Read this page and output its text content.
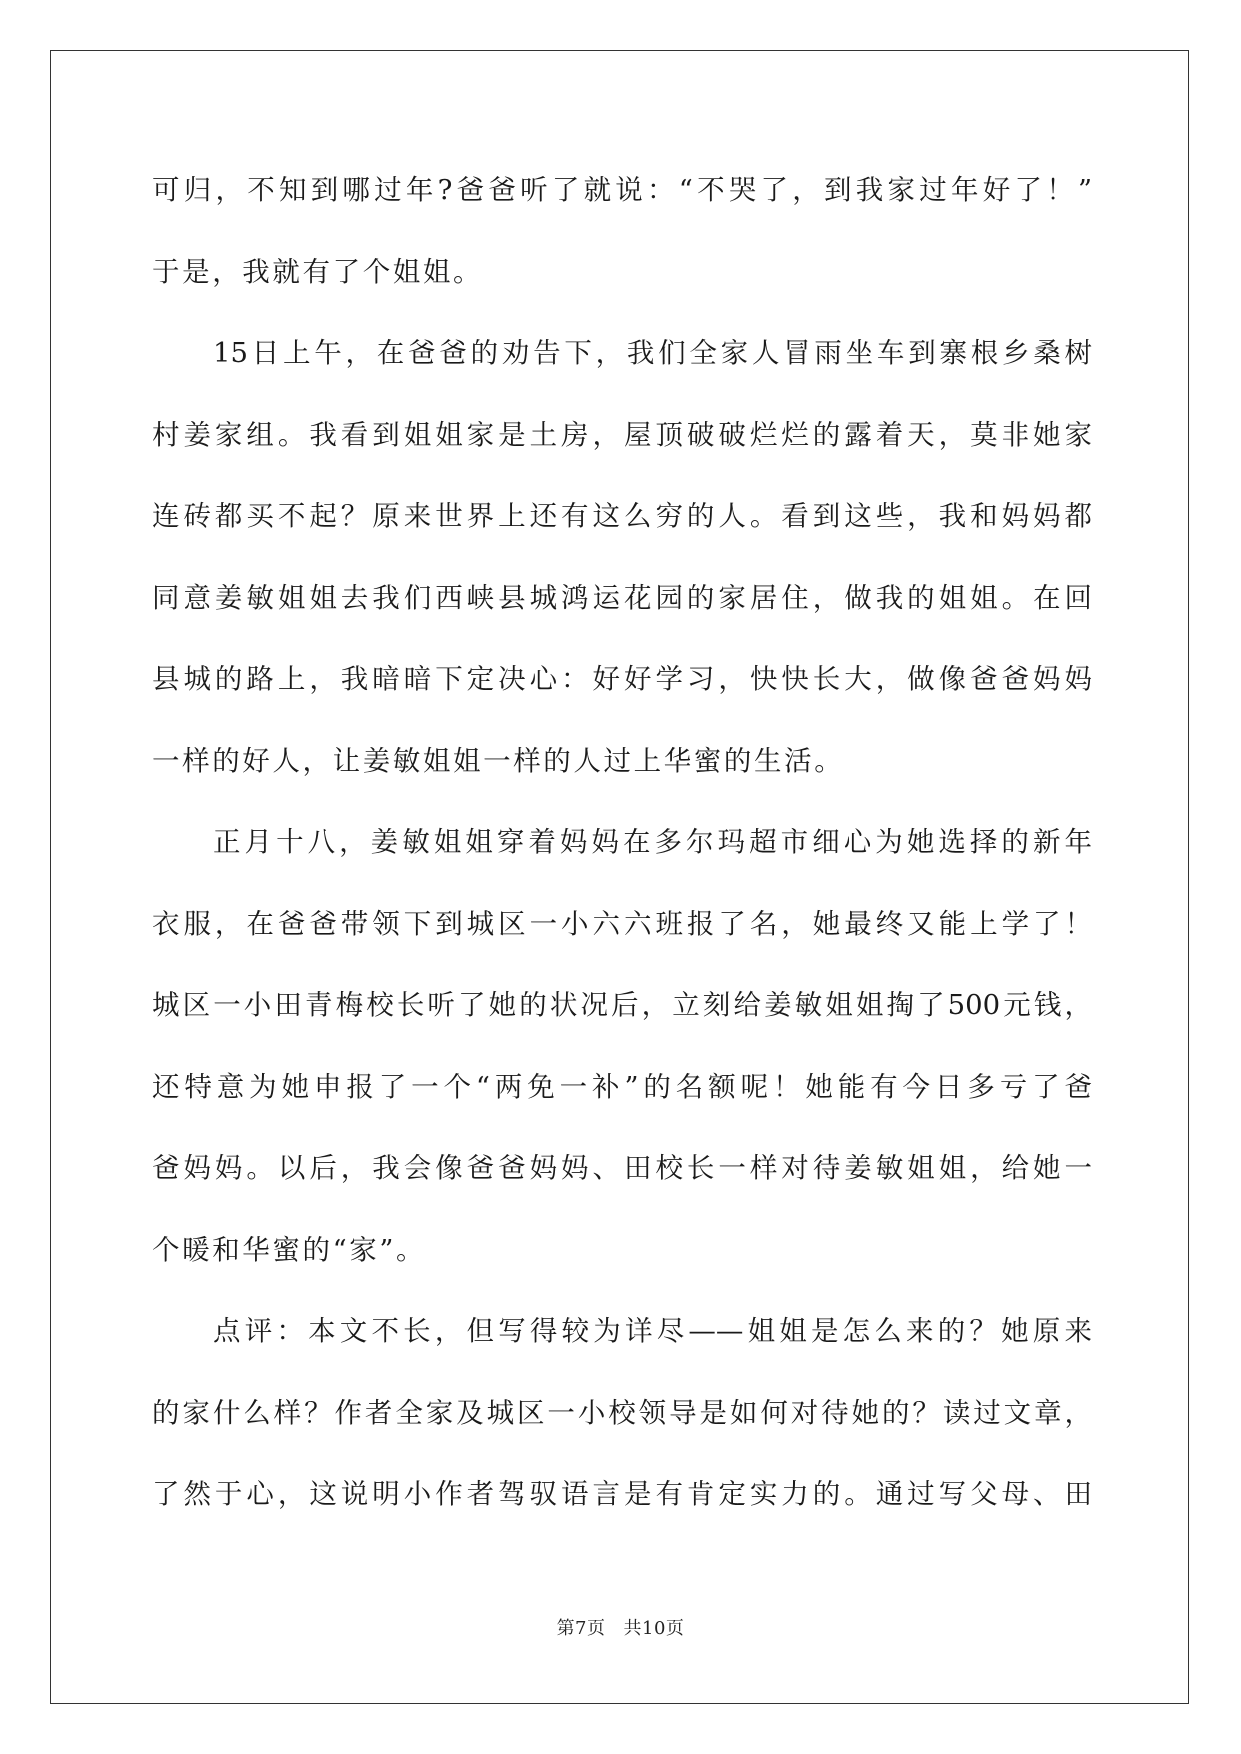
可归，不知到哪过年?爸爸听了就说：“不哭了，到我家过年好了！”
于是，我就有了个姐姐。
15日上午，在爸爸的劝告下，我们全家人冒雨坐车到寨根乡桑树
村姜家组。我看到姐姐家是土房，屋顶破破烂烂的露着天，莫非她家
连砖都买不起？原来世界上还有这么穷的人。看到这些，我和妈妈都
同意姜敏姐姐去我们西峡县城鸿运花园的家居住，做我的姐姐。在回
县城的路上，我暗暗下定决心：好好学习，快快长大，做像爸爸妈妈
一样的好人，让姜敏姐姐一样的人过上华蜜的生活。
正月十八，姜敏姐姐穿着妈妈在多尔玛超市细心为她选择的新年
衣服，在爸爸带领下到城区一小六六班报了名，她最终又能上学了！
城区一小田青梅校长听了她的状况后，立刻给姜敏姐姐掏了500元钱，
还特意为她申报了一个“两免一补”的名额呢！她能有今日多亏了爸
爸妈妈。以后，我会像爸爸妈妈、田校长一样对待姜敏姐姐，给她一
个暖和华蜜的“家”。
点评：本文不长，但写得较为详尽——姐姐是怎么来的？她原来
的家什么样？作者全家及城区一小校领导是如何对待她的？读过文章，
了然于心，这说明小作者驾驭语言是有肯定实力的。通过写父母、田
第7页 共10页
